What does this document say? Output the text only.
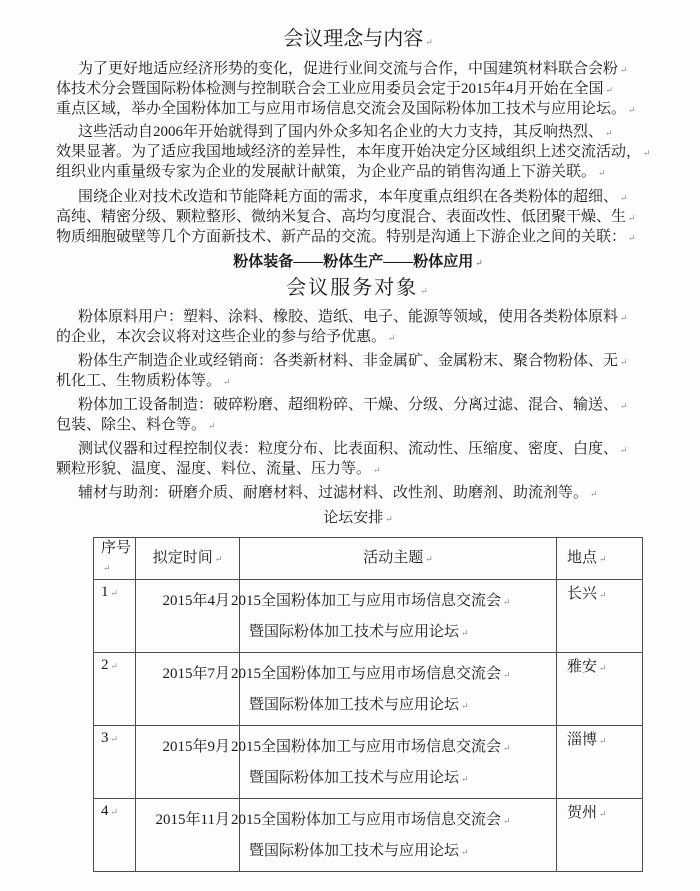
会议理念与内容 ↵
为了更好地适应经济形势的变化，促进行业间交流与合作，中国建筑材料联合会粉 ↵
体技术分会暨国际粉体检测与控制联合会工业应用委员会定于2015年4月开始在全国 ↵
重点区域，举办全国粉体加工与应用市场信息交流会及国际粉体加工技术与应用论坛。 ↵
这些活动自2006年开始就得到了国内外众多知名企业的大力支持，其反响热烈、 ↵
效果显著。为了适应我国地域经济的差异性，本年度开始决定分区域组织上述交流活动， ↵
组织业内重量级专家为企业的发展献计献策，为企业产品的销售沟通上下游关联。 ↵
围绕企业对技术改造和节能降耗方面的需求，本年度重点组织在各类粉体的超细、 ↵
高纯、精密分级、颗粒整形、微纳米复合、高均匀度混合、表面改性、低团聚干燥、生 ↵
物质细胞破壁等几个方面新技术、新产品的交流。特别是沟通上下游企业之间的关联： ↵
粉体装备——粉体生产——粉体应用 ↵
会议服务对象 ↵
粉体原料用户：塑料、涂料、橡胶、造纸、电子、能源等领域，使用各类粉体原料 ↵
的企业，本次会议将对这些企业的参与给予优惠。 ↵
粉体生产制造企业或经销商：各类新材料、非金属矿、金属粉末、聚合物粉体、无 ↵
机化工、生物质粉体等。 ↵
粉体加工设备制造：破碎粉磨、超细粉碎、干燥、分级、分离过滤、混合、输送、 ↵
包装、除尘、料仓等。 ↵
测试仪器和过程控制仪表：粒度分布、比表面积、流动性、压缩度、密度、白度、 ↵
颗粒形貌、温度、湿度、料位、流量、压力等。 ↵
辅材与助剂：研磨介质、耐磨材料、过滤材料、改性剂、助磨剂、助流剂等。 ↵
论坛安排 ↵
序号↵	拟定时间 ↵	活动主题 ↵	地点 ↵
1 ↵	2015年4月	2015全国粉体加工与应用市场信息交流会 ↵
暨国际粉体加工技术与应用论坛 ↵	长兴 ↵
2 ↵	2015年7月	2015全国粉体加工与应用市场信息交流会 ↵
暨国际粉体加工技术与应用论坛 ↵	雅安 ↵
3 ↵	2015年9月	2015全国粉体加工与应用市场信息交流会 ↵
暨国际粉体加工技术与应用论坛 ↵	淄博 ↵
4 ↵	2015年11月	2015全国粉体加工与应用市场信息交流会 ↵
暨国际粉体加工技术与应用论坛 ↵	贺州 ↵
